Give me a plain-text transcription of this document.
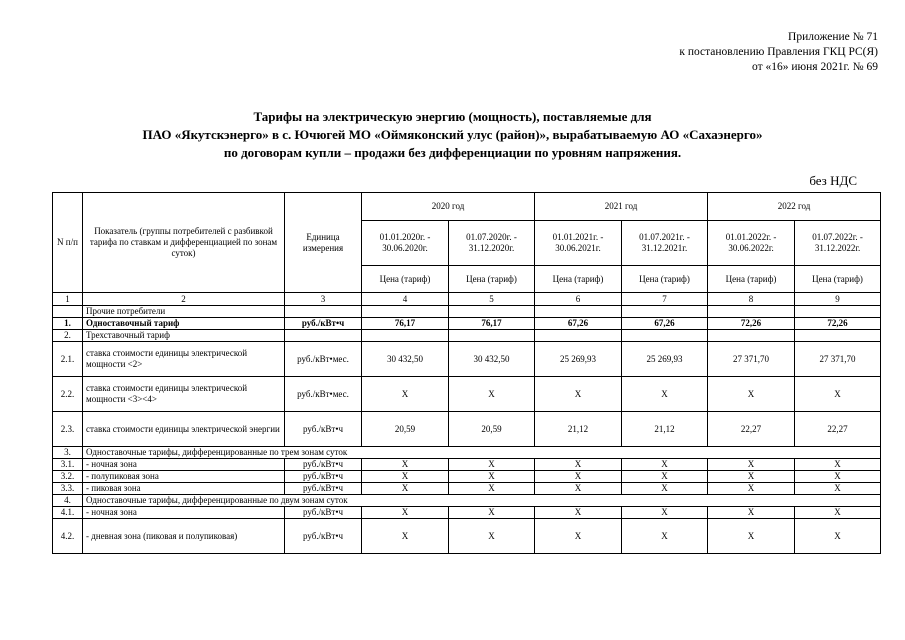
Приложение № 71
к постановлению Правления ГКЦ РС(Я)
от «16» июня 2021г. № 69
Тарифы на электрическую энергию (мощность), поставляемые для
ПАО «Якутскэнерго» в с. Ючюгей МО «Оймяконский улус (район)», вырабатываемую АО «Сахаэнерго»
по договорам купли – продажи без дифференциации по уровням напряжения.
без НДС
N п/п	Показатель (группы потребителей с разбивкой тарифа по ставкам и дифференциацией по зонам суток)	Единица измерения	2020 год		2021 год		2022 год	
			01.01.2020г. - 30.06.2020г.	01.07.2020г. - 31.12.2020г.	01.01.2021г. - 30.06.2021г.	01.07.2021г. - 31.12.2021г.	01.01.2022г. - 30.06.2022г.	01.07.2022г. - 31.12.2022г.
			Цена (тариф)	Цена (тариф)	Цена (тариф)	Цена (тариф)	Цена (тариф)	Цена (тариф)
1	2	3	4	5	6	7	8	9
	Прочие потребители							
1.	Одноставочный тариф	руб./кВт•ч	76,17	76,17	67,26	67,26	72,26	72,26
2.	Трехставочный тариф							
2.1.	ставка стоимости единицы электрической мощности <2>	руб./кВт•мес.	30 432,50	30 432,50	25 269,93	25 269,93	27 371,70	27 371,70
2.2.	ставка стоимости единицы электрической мощности <3><4>	руб./кВт•мес.	Х	Х	Х	Х	Х	Х
2.3.	ставка стоимости единицы электрической энергии	руб./кВт•ч	20,59	20,59	21,12	21,12	22,27	22,27
3.	Одноставочные тарифы, дифференцированные по трем зонам суток							
3.1.	- ночная зона	руб./кВт•ч	Х	Х	Х	Х	Х	Х
3.2.	- полупиковая зона	руб./кВт•ч	Х	Х	Х	Х	Х	Х
3.3.	- пиковая зона	руб./кВт•ч	Х	Х	Х	Х	Х	Х
4.	Одноставочные тарифы, дифференцированные по двум зонам суток							
4.1.	- ночная зона	руб./кВт•ч	Х	Х	Х	Х	Х	Х
4.2.	- дневная зона (пиковая и полупиковая)	руб./кВт•ч	Х	Х	Х	Х	Х	Х
